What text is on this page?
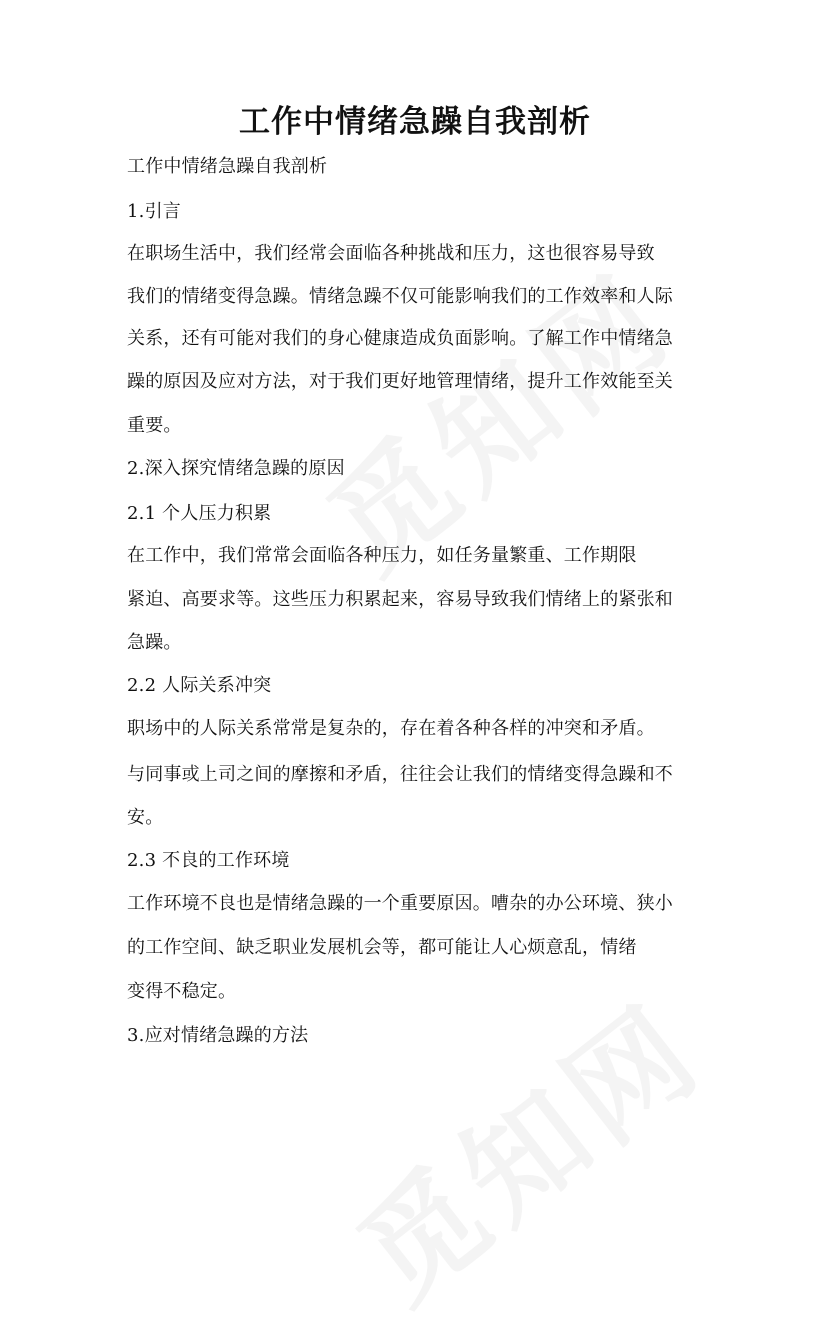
工作中情绪急躁自我剖析
工作中情绪急躁自我剖析
1.引言
在职场生活中，我们经常会面临各种挑战和压力，这也很容易导致
我们的情绪变得急躁。情绪急躁不仅可能影响我们的工作效率和人际
关系，还有可能对我们的身心健康造成负面影响。了解工作中情绪急
躁的原因及应对方法，对于我们更好地管理情绪，提升工作效能至关
重要。
2.深入探究情绪急躁的原因
2.1 个人压力积累
在工作中，我们常常会面临各种压力，如任务量繁重、工作期限
紧迫、高要求等。这些压力积累起来，容易导致我们情绪上的紧张和
急躁。
2.2 人际关系冲突
职场中的人际关系常常是复杂的，存在着各种各样的冲突和矛盾。
与同事或上司之间的摩擦和矛盾，往往会让我们的情绪变得急躁和不
安。
2.3 不良的工作环境
工作环境不良也是情绪急躁的一个重要原因。嘈杂的办公环境、狭小
的工作空间、缺乏职业发展机会等，都可能让人心烦意乱，情绪
变得不稳定。
3.应对情绪急躁的方法
